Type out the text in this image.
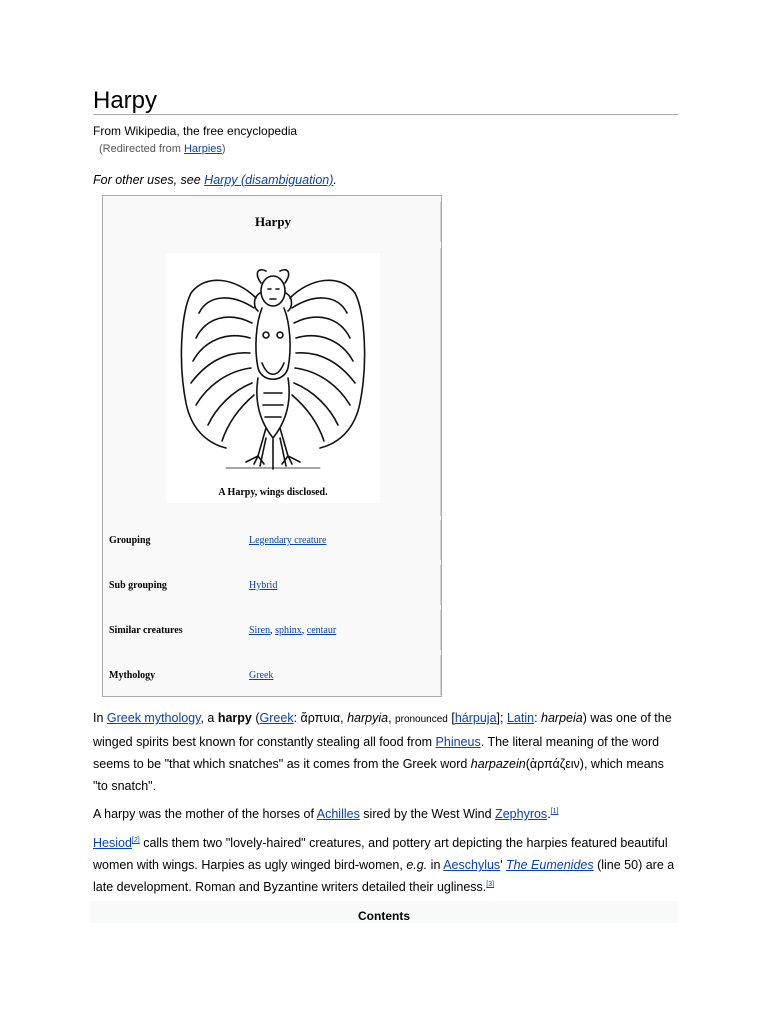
Harpy
From Wikipedia, the free encyclopedia
(Redirected from Harpies)
For other uses, see Harpy (disambiguation).
Harpy
A Harpy, wings disclosed.
Grouping	Legendary creature
Sub grouping	Hybrid
Similar creatures	Siren, sphinx, centaur
Mythology	Greek

In Greek mythology, a harpy (Greek: ἅρπυια, harpyia, pronounced [hárpuja]; Latin: harpeia) was one of the winged spirits best known for constantly stealing all food from Phineus. The literal meaning of the word seems to be "that which snatches" as it comes from the Greek word harpazein(ἁρπάζειν), which means "to snatch".

A harpy was the mother of the horses of Achilles sired by the West Wind Zephyros.[1]

Hesiod[2] calls them two "lovely-haired" creatures, and pottery art depicting the harpies featured beautiful women with wings. Harpies as ugly winged bird-women, e.g. in Aeschylus' The Eumenides (line 50) are a late development. Roman and Byzantine writers detailed their ugliness.[3]

Contents
